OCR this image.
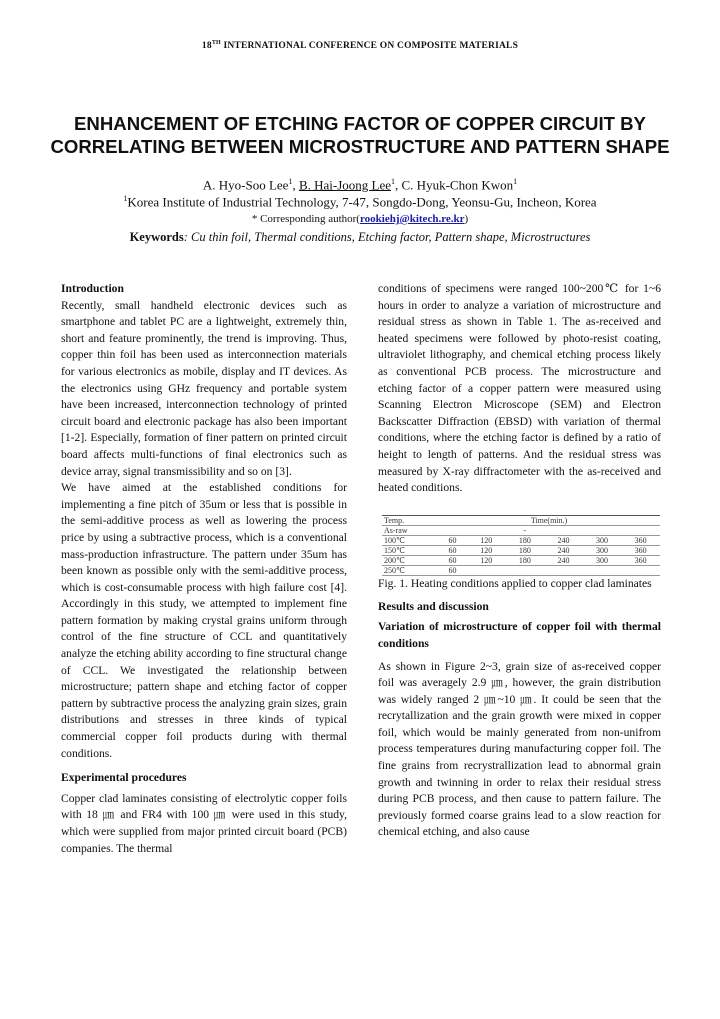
18TH INTERNATIONAL CONFERENCE ON COMPOSITE MATERIALS
ENHANCEMENT OF ETCHING FACTOR OF COPPER CIRCUIT BY CORRELATING BETWEEN MICROSTRUCTURE AND PATTERN SHAPE
A. Hyo-Soo Lee$^1$, B. Hai-Joong Lee$^1$, C. Hyuk-Chon Kwon$^1$
$^1$Korea Institute of Industrial Technology, 7-47, Songdo-Dong, Yeonsu-Gu, Incheon, Korea
* Corresponding author(rookiehj@kitech.re.kr)
Keywords: Cu thin foil, Thermal conditions, Etching factor, Pattern shape, Microstructures

Introduction

Recently, small handheld electronic devices such as smartphone and tablet PC are a lightweight, extremely thin, short and feature prominently, the trend is improving. Thus, copper thin foil has been used as interconnection materials for various electronics as mobile, display and IT devices. As the electronics using GHz frequency and portable system have been increased, interconnection technology of printed circuit board and electronic package has also been important [1-2]. Especially, formation of finer pattern on printed circuit board affects multi-functions of final electronics such as device array, signal transmissibility and so on [3].

We have aimed at the established conditions for implementing a fine pitch of 35um or less that is possible in the semi-additive process as well as lowering the process price by using a subtractive process, which is a conventional mass-production infrastructure. The pattern under 35um has been known as possible only with the semi-additive process, which is cost-consumable process with high failure cost [4]. Accordingly in this study, we attempted to implement fine pattern formation by making crystal grains uniform through control of the fine structure of CCL and quantitatively analyze the etching ability according to fine structural change of CCL. We investigated the relationship between microstructure; pattern shape and etching factor of copper pattern by subtractive process the analyzing grain sizes, grain distributions and stresses in three kinds of typical commercial copper foil products during with thermal conditions.

Experimental procedures

Copper clad laminates consisting of electrolytic copper foils with 18 ㎛ and FR4 with 100 ㎛ were used in this study, which were supplied from major printed circuit board (PCB) companies. The thermal

conditions of specimens were ranged 100~200℃ for 1~6 hours in order to analyze a variation of microstructure and residual stress as shown in Table 1. The as-received and heated specimens were followed by photo-resist coating, ultraviolet lithography, and chemical etching process likely as conventional PCB process. The microstructure and etching factor of a copper pattern were measured using Scanning Electron Microscope (SEM) and Electron Backscatter Diffraction (EBSD) with variation of thermal conditions, where the etching factor is defined by a ratio of height to length of patterns. And the residual stress was measured by X-ray diffractometer with the as-received and heated conditions.

Temp.	Time(min.)					
As-raw			-			
100℃	60	120	180	240	300	360
150℃	60	120	180	240	300	360
200℃	60	120	180	240	300	360
250℃	60					

Fig. 1. Heating conditions applied to copper clad laminates

Results and discussion

Variation of microstructure of copper foil with thermal conditions

As shown in Figure 2~3, grain size of as-received copper foil was averagely 2.9 ㎛, however, the grain distribution was widely ranged 2 ㎛~10 ㎛. It could be seen that the recrytallization and the grain growth were mixed in copper foil, which would be mainly generated from non-unifrom process temperatures during manufacturing copper foil. The fine grains from recrystrallization lead to abnormal grain growth and twinning in order to relax their residual stress during PCB process, and then cause to pattern failure. The previously formed coarse grains lead to a slow reaction for chemical etching, and also cause
